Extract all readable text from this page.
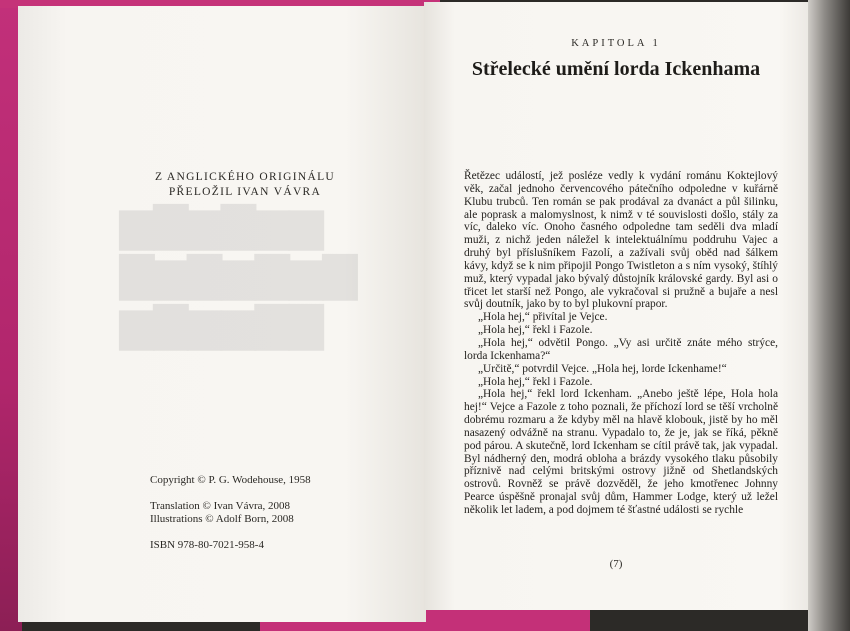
▆▇▆▇▆▆
▇▆▇▆▇▆▇
▆▇▆▆▇▇
Z ANGLICKÉHO ORIGINÁLU
PŘELOŽIL IVAN VÁVRA

Copyright © P. G. Wodehouse, 1958

Translation © Ivan Vávra, 2008

Illustrations © Adolf Born, 2008

ISBN 978-80-7021-958-4

KAPITOLA 1
Střelecké umění lorda Ickenhama

Řetězec událostí, jež posléze vedly k vydání románu Koktejlový věk, začal jednoho červencového pátečního odpoledne v kuřárně Klubu trubců. Ten román se pak prodával za dvanáct a půl šilinku, ale poprask a malomyslnost, k nimž v té souvislosti došlo, stály za víc, daleko víc. Onoho časného odpoledne tam seděli dva mladí muži, z nichž jeden náležel k intelektuálnímu poddruhu Vajec a druhý byl příslušníkem Fazolí, a zažívali svůj oběd nad šálkem kávy, když se k nim připojil Pongo Twistleton a s ním vysoký, štíhlý muž, který vypadal jako bývalý důstojník královské gardy. Byl asi o třicet let starší než Pongo, ale vykračoval si pružně a bujaře a nesl svůj doutník, jako by to byl plukovní prapor.

„Hola hej,“ přivítal je Vejce.

„Hola hej,“ řekl i Fazole.

„Hola hej,“ odvětil Pongo. „Vy asi určitě znáte mého strýce, lorda Ickenhama?“

„Určitě,“ potvrdil Vejce. „Hola hej, lorde Ickenhame!“

„Hola hej,“ řekl i Fazole.

„Hola hej,“ řekl lord Ickenham. „Anebo ještě lépe, Hola hola hej!“ Vejce a Fazole z toho poznali, že příchozí lord se těší vrcholně dobrému rozmaru a že kdyby měl na hlavě klobouk, jistě by ho měl nasazený odvážně na stranu. Vypadalo to, že je, jak se říká, pěkně pod párou. A skutečně, lord Ickenham se cítil právě tak, jak vypadal. Byl nádherný den, modrá obloha a brázdy vysokého tlaku působily příznivě nad celými britskými ostrovy jižně od Shetlandských ostrovů. Rovněž se právě dozvěděl, že jeho kmotřenec Johnny Pearce úspěšně pronajal svůj dům, Hammer Lodge, který už ležel několik let ladem, a pod dojmem té šťastné události se rychle

(7)
